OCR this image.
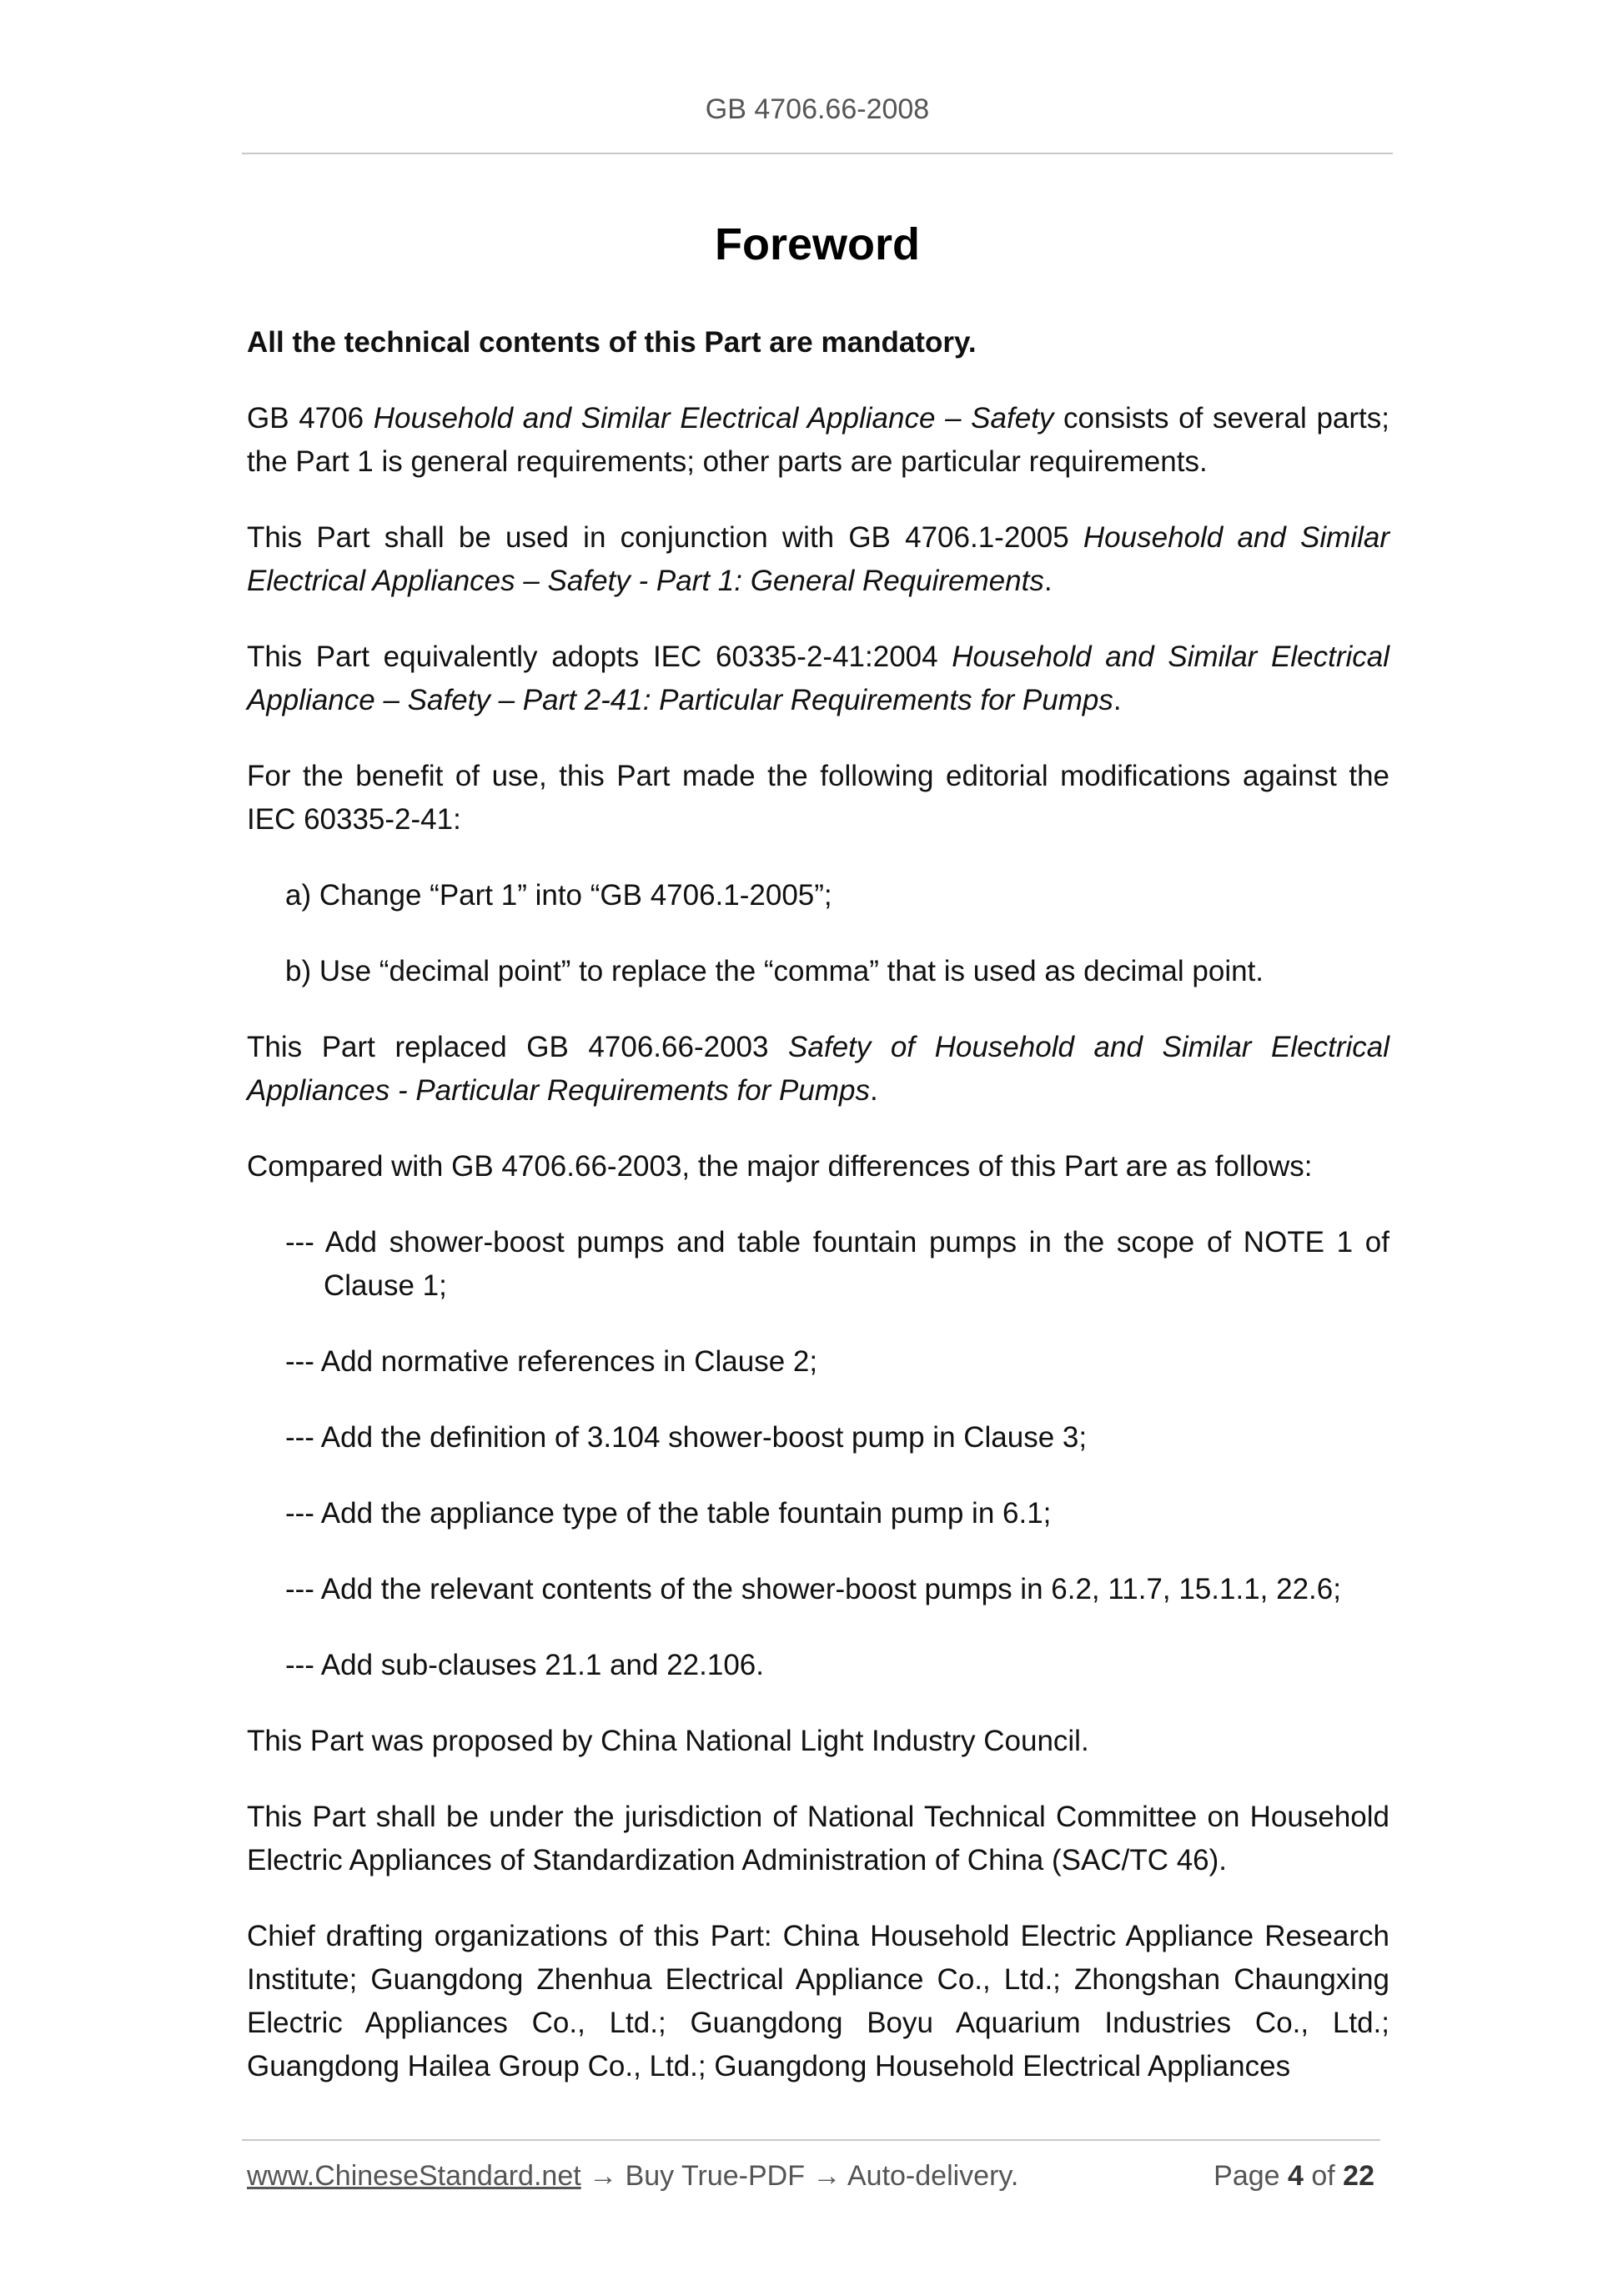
GB 4706.66-2008
Foreword

All the technical contents of this Part are mandatory.

GB 4706 Household and Similar Electrical Appliance – Safety consists of several parts; the Part 1 is general requirements; other parts are particular requirements.

This Part shall be used in conjunction with GB 4706.1-2005 Household and Similar Electrical Appliances – Safety - Part 1: General Requirements.

This Part equivalently adopts IEC 60335-2-41:2004 Household and Similar Electrical Appliance – Safety – Part 2-41: Particular Requirements for Pumps.

For the benefit of use, this Part made the following editorial modifications against the IEC 60335-2-41:

a) Change “Part 1” into “GB 4706.1-2005”;

b) Use “decimal point” to replace the “comma” that is used as decimal point.

This Part replaced GB 4706.66-2003 Safety of Household and Similar Electrical Appliances - Particular Requirements for Pumps.

Compared with GB 4706.66-2003, the major differences of this Part are as follows:

--- Add shower-boost pumps and table fountain pumps in the scope of NOTE 1 of Clause 1;

--- Add normative references in Clause 2;

--- Add the definition of 3.104 shower-boost pump in Clause 3;

--- Add the appliance type of the table fountain pump in 6.1;

--- Add the relevant contents of the shower-boost pumps in 6.2, 11.7, 15.1.1, 22.6;

--- Add sub-clauses 21.1 and 22.106.

This Part was proposed by China National Light Industry Council.

This Part shall be under the jurisdiction of National Technical Committee on Household Electric Appliances of Standardization Administration of China (SAC/TC 46).

Chief drafting organizations of this Part: China Household Electric Appliance Research Institute; Guangdong Zhenhua Electrical Appliance Co., Ltd.; Zhongshan Chaungxing Electric Appliances Co., Ltd.; Guangdong Boyu Aquarium Industries Co., Ltd.; Guangdong Hailea Group Co., Ltd.; Guangdong Household Electrical Appliances

www.ChineseStandard.net → Buy True-PDF → Auto-delivery.	Page 4 of 22
